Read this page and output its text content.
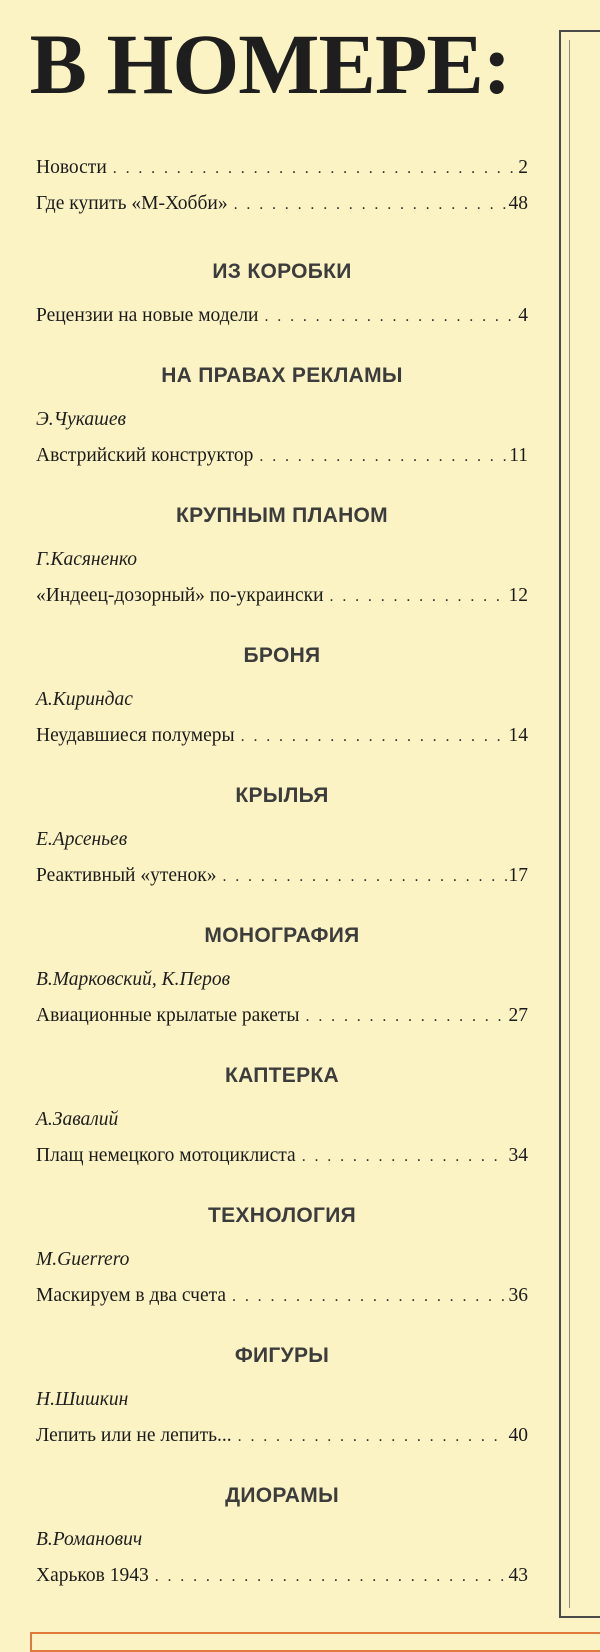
В НОМЕРЕ:
Новости . . .	2
Где купить «М-Хобби» . . .	48
ИЗ КОРОБКИ
Рецензии на новые модели . . .	4
НА ПРАВАХ РЕКЛАМЫ
Э.Чукашев
Австрийский конструктор . . .	11
КРУПНЫМ ПЛАНОМ
Г.Касяненко
«Индеец-дозорный» по-украински . . .	12
БРОНЯ
А.Кириндас
Неудавшиеся полумеры . . .	14
КРЫЛЬЯ
Е.Арсеньев
Реактивный «утенок» . . .	17
МОНОГРАФИЯ
В.Марковский, К.Перов
Авиационные крылатые ракеты . . .	27
КАПТЕРКА
А.Завалий
Плащ немецкого мотоциклиста . . .	34
ТЕХНОЛОГИЯ
M.Guerrero
Маскируем в два счета . . .	36
ФИГУРЫ
Н.Шишкин
Лепить или не лепить... . . .	40
ДИОРАМЫ
В.Романович
Харьков 1943 . . .	43
